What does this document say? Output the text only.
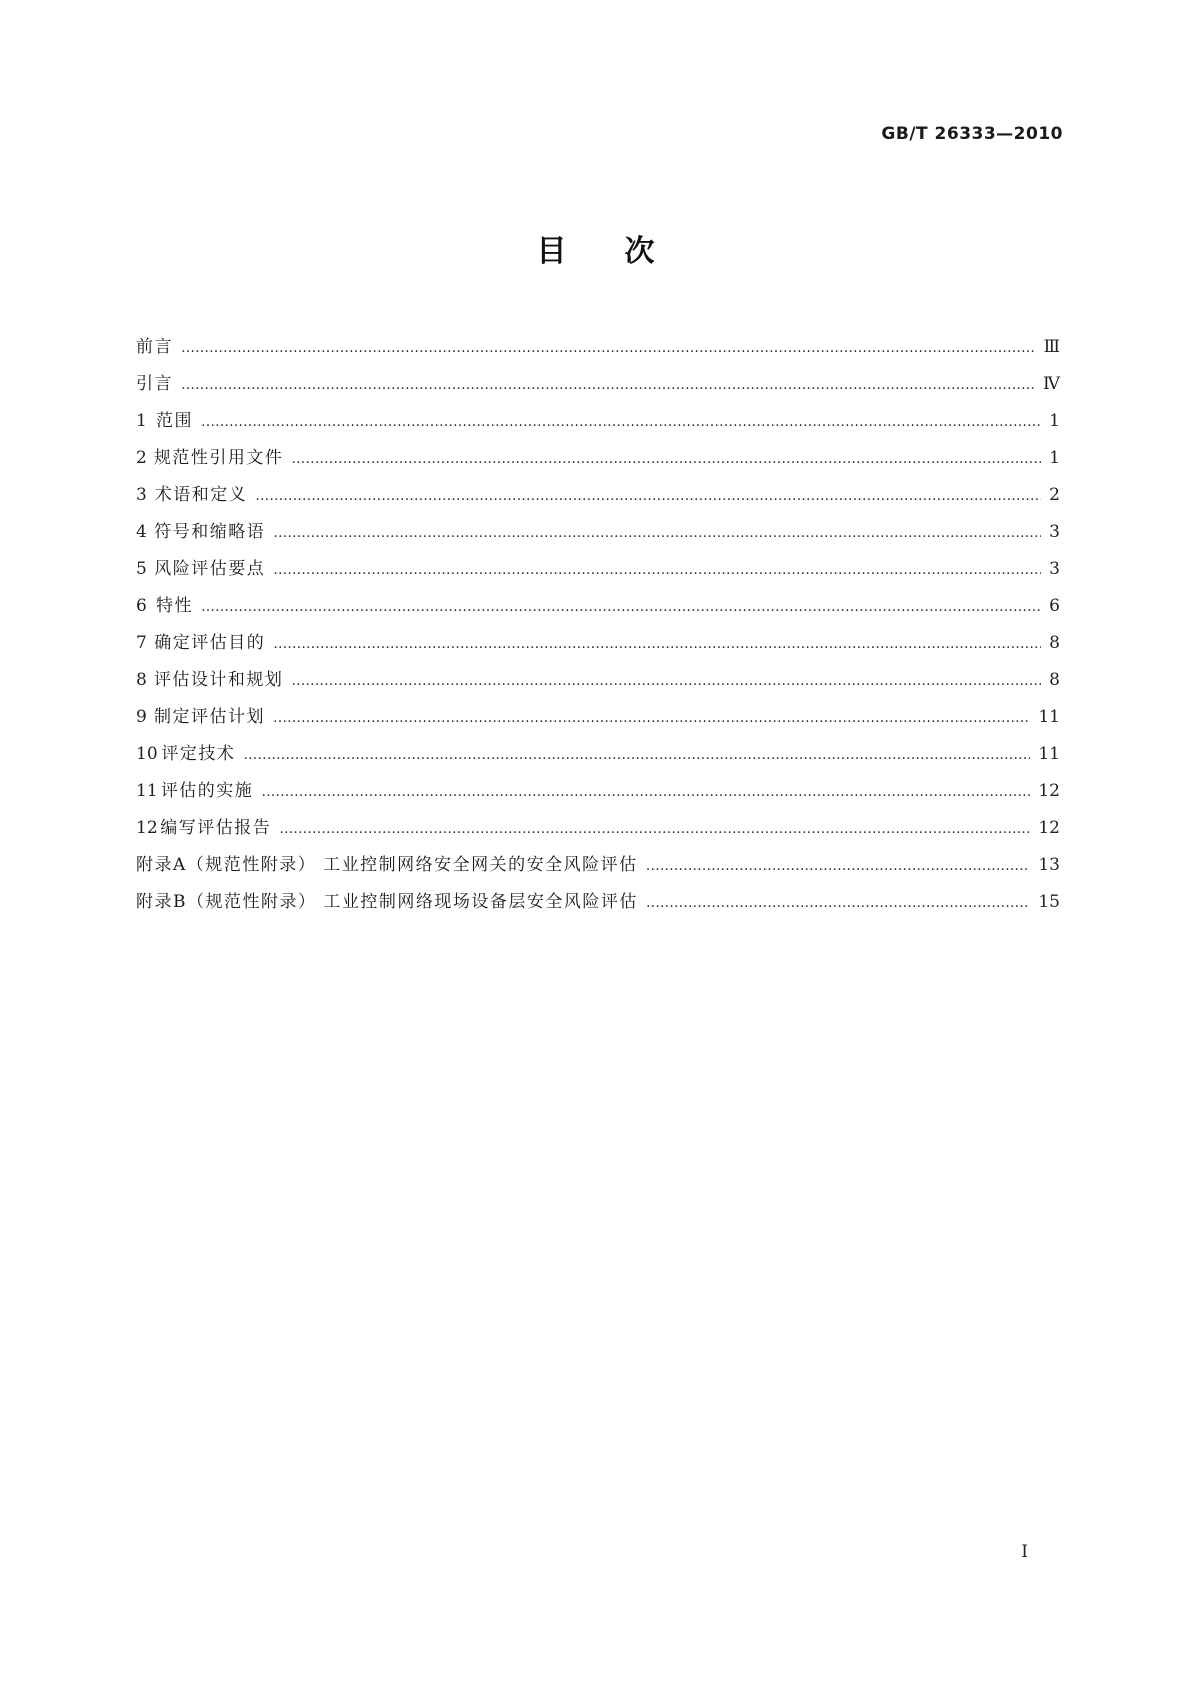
GB/T 26333—2010
目次
前言 ………………………………………………………………………………………………………………………………………………………………………………………………………………………………………………………	Ⅲ
引言 ………………………………………………………………………………………………………………………………………………………………………………………………………………………………………………………	Ⅳ
1 范围 ………………………………………………………………………………………………………………………………………………………………………………………………………………………………………………………	1
2 规范性引用文件 ………………………………………………………………………………………………………………………………………………………………………………………………………………………………………………………	1
3 术语和定义 ………………………………………………………………………………………………………………………………………………………………………………………………………………………………………………………	2
4 符号和缩略语 ………………………………………………………………………………………………………………………………………………………………………………………………………………………………………………………	3
5 风险评估要点 ………………………………………………………………………………………………………………………………………………………………………………………………………………………………………………………	3
6 特性 ………………………………………………………………………………………………………………………………………………………………………………………………………………………………………………………	6
7 确定评估目的 ………………………………………………………………………………………………………………………………………………………………………………………………………………………………………………………	8
8 评估设计和规划 ………………………………………………………………………………………………………………………………………………………………………………………………………………………………………………………	8
9 制定评估计划 ………………………………………………………………………………………………………………………………………………………………………………………………………………………………………………………	11
10 评定技术 ………………………………………………………………………………………………………………………………………………………………………………………………………………………………………………………	11
11 评估的实施 ………………………………………………………………………………………………………………………………………………………………………………………………………………………………………………………	12
12 编写评估报告 ………………………………………………………………………………………………………………………………………………………………………………………………………………………………………………………	12
附录A（规范性附录） 工业控制网络安全网关的安全风险评估 ………………………………………………………………………………………………………………………………………………………………………………………………………………………………………………………	13
附录B（规范性附录） 工业控制网络现场设备层安全风险评估 ………………………………………………………………………………………………………………………………………………………………………………………………………………………………………………………	15
I
